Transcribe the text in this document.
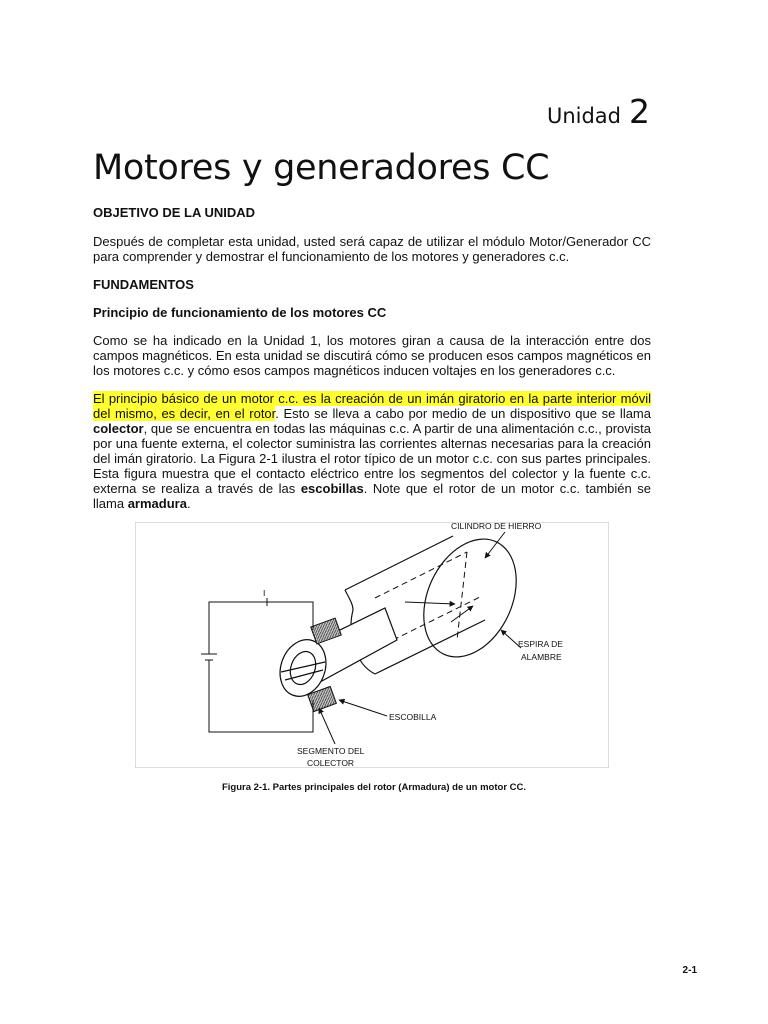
Unidad 2
Motores y generadores CC

OBJETIVO DE LA UNIDAD

Después de completar esta unidad, usted será capaz de utilizar el módulo Motor/Generador CC para comprender y demostrar el funcionamiento de los motores y generadores c.c.

FUNDAMENTOS

Principio de funcionamiento de los motores CC

Como se ha indicado en la Unidad 1, los motores giran a causa de la interacción entre dos campos magnéticos. En esta unidad se discutirá cómo se producen esos campos magnéticos en los motores c.c. y cómo esos campos magnéticos inducen voltajes en los generadores c.c.

El principio básico de un motor c.c. es la creación de un imán giratorio en la parte interior móvil del mismo, es decir, en el rotor. Esto se lleva a cabo por medio de un dispositivo que se llama colector, que se encuentra en todas las máquinas c.c. A partir de una alimentación c.c., provista por una fuente externa, el colector suministra las corrientes alternas necesarias para la creación del imán giratorio. La Figura 2-1 ilustra el rotor típico de un motor c.c. con sus partes principales. Esta figura muestra que el contacto eléctrico entre los segmentos del colector y la fuente c.c. externa se realiza a través de las escobillas. Note que el rotor de un motor c.c. también se llama armadura.

CILINDRO DE HIERRO
I
ESPIRA DE
ALAMBRE
ESCOBILLA
SEGMENTO DEL
COLECTOR

Figura 2-1. Partes principales del rotor (Armadura) de un motor CC.

2-1
